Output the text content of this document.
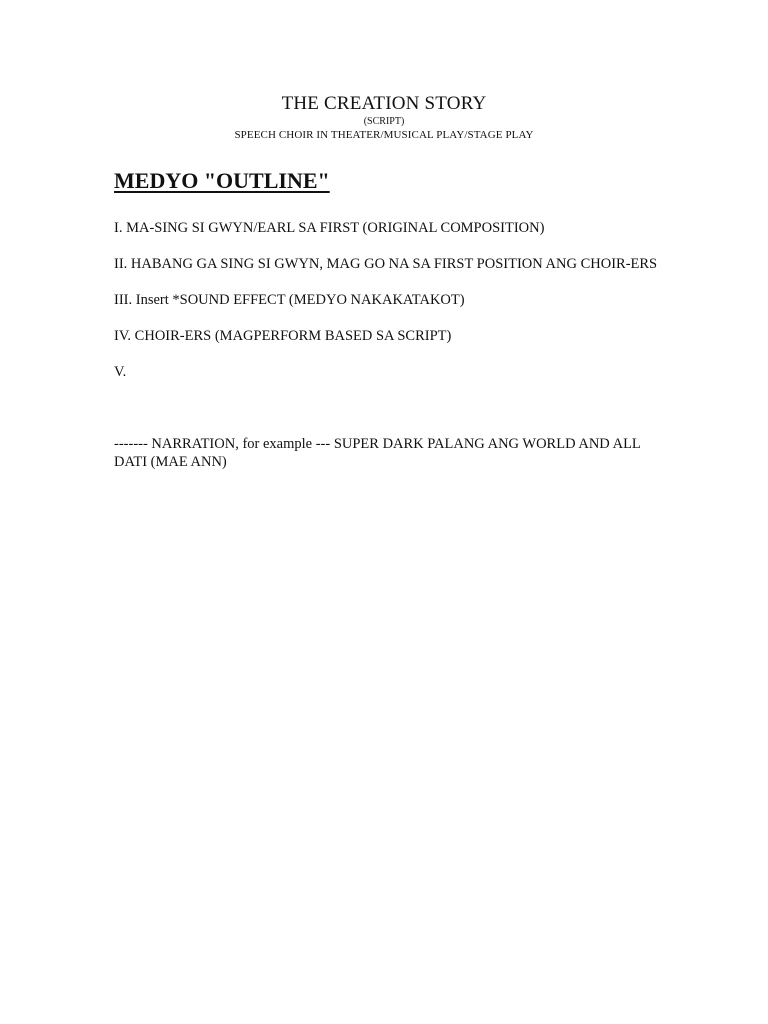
THE CREATION STORY
(SCRIPT)
SPEECH CHOIR IN THEATER/MUSICAL PLAY/STAGE PLAY
MEDYO "OUTLINE"
I. MA-SING SI GWYN/EARL SA FIRST (ORIGINAL COMPOSITION)
II. HABANG GA SING SI GWYN, MAG GO NA SA FIRST POSITION ANG CHOIR-ERS
III. Insert *SOUND EFFECT (MEDYO NAKAKATAKOT)
IV. CHOIR-ERS (MAGPERFORM BASED SA SCRIPT)
V.
------- NARRATION, for example --- SUPER DARK PALANG ANG WORLD AND ALL DATI (MAE ANN)
